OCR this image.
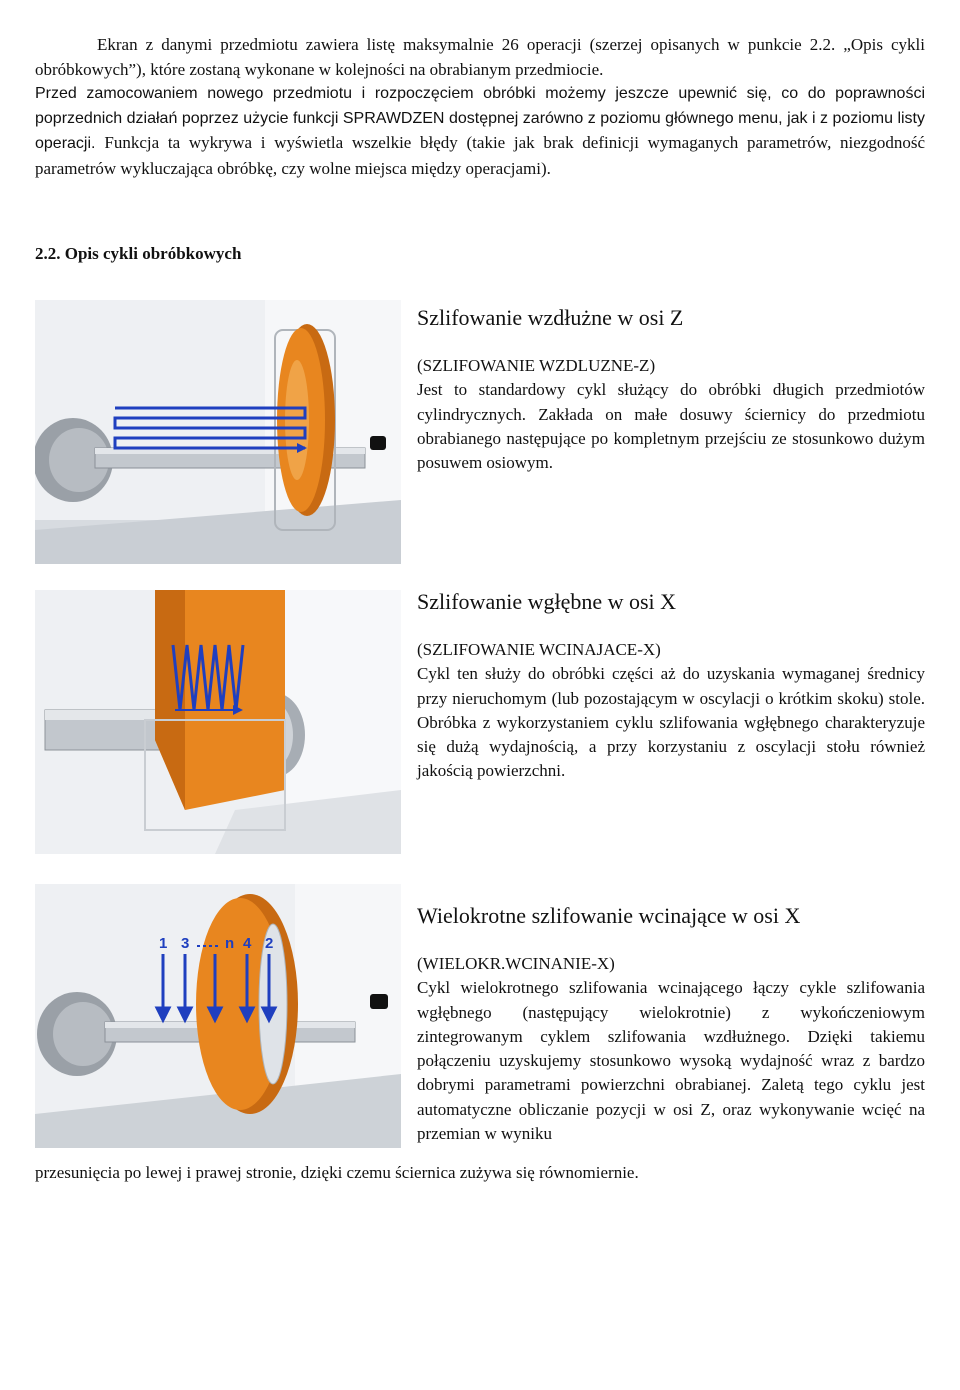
Ekran z danymi przedmiotu zawiera listę maksymalnie 26 operacji (szerzej opisanych w punkcie 2.2. „Opis cykli obróbkowych”), które zostaną wykonane w kolejności na obrabianym przedmiocie.

Przed zamocowaniem nowego przedmiotu i rozpoczęciem obróbki możemy jeszcze upewnić się, co do poprawności poprzednich działań poprzez użycie funkcji SPRAWDZEN dostępnej zarówno z poziomu głównego menu, jak i z poziomu listy operacji. Funkcja ta wykrywa i wyświetla wszelkie błędy (takie jak brak definicji wymaganych parametrów, niezgodność parametrów wykluczająca obróbkę, czy wolne miejsca między operacjami).

2.2. Opis cykli obróbkowych
Szlifowanie wzdłużne w osi Z

(SZLIFOWANIE WZDLUZNE-Z)

Jest to standardowy cykl służący do obróbki długich przedmiotów cylindrycznych. Zakłada on małe dosuwy ściernicy do przedmiotu obrabianego następujące po kompletnym przejściu ze stosunkowo dużym posuwem osiowym.

Szlifowanie wgłębne w osi X

(SZLIFOWANIE WCINAJACE-X)

Cykl ten służy do obróbki części aż do uzyskania wymaganej średnicy przy nieruchomym (lub pozostającym w oscylacji o krótkim skoku) stole. Obróbka z wykorzystaniem cyklu szlifowania wgłębnego charakteryzuje się dużą wydajnością, a przy korzystaniu z oscylacji stołu również jakością powierzchni.

1 3 n 4 2
Wielokrotne szlifowanie wcinające w osi X

(WIELOKR.WCINANIE-X)

Cykl wielokrotnego szlifowania wcinającego łączy cykle szlifowania wgłębnego (następujący wielokrotnie) z wykończeniowym zintegrowanym cyklem szlifowania wzdłużnego. Dzięki takiemu połączeniu uzyskujemy stosunkowo wysoką wydajność wraz z bardzo dobrymi parametrami powierzchni obrabianej. Zaletą tego cyklu jest automatyczne obliczanie pozycji w osi Z, oraz wykonywanie wcięć na przemian w wyniku

przesunięcia po lewej i prawej stronie, dzięki czemu ściernica zużywa się równomiernie.
